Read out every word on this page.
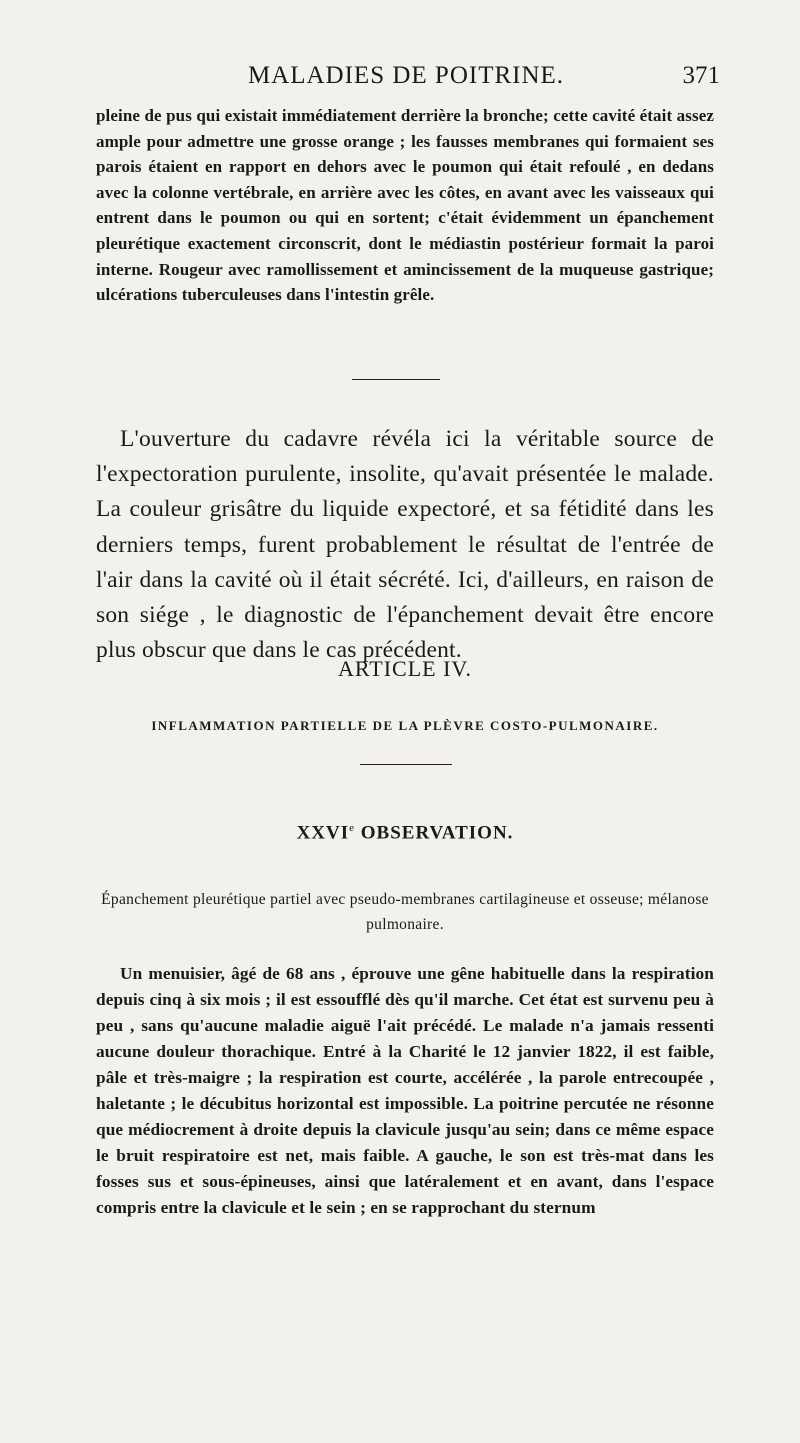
MALADIES DE POITRINE.	371

pleine de pus qui existait immédiatement derrière la bronche; cette cavité était assez ample pour admettre une grosse orange ; les fausses membranes qui formaient ses parois étaient en rapport en dehors avec le poumon qui était refoulé , en dedans avec la colonne vertébrale, en arrière avec les côtes, en avant avec les vaisseaux qui entrent dans le poumon ou qui en sortent; c'était évidemment un épanchement pleurétique exactement circonscrit, dont le médiastin postérieur formait la paroi interne. Rougeur avec ramollissement et amincissement de la muqueuse gastrique; ulcérations tuberculeuses dans l'intestin grêle.

L'ouverture du cadavre révéla ici la véritable source de l'expectoration purulente, insolite, qu'avait présentée le malade. La couleur grisâtre du liquide expectoré, et sa fétidité dans les derniers temps, furent probablement le résultat de l'entrée de l'air dans la cavité où il était sécrété. Ici, d'ailleurs, en raison de son siége , le diagnostic de l'épanchement devait être encore plus obscur que dans le cas précédent.

ARTICLE IV.
INFLAMMATION PARTIELLE DE LA PLÈVRE COSTO-PULMONAIRE.
XXVIe OBSERVATION.

Épanchement pleurétique partiel avec pseudo-membranes cartilagineuse et osseuse; mélanose pulmonaire.

Un menuisier, âgé de 68 ans , éprouve une gêne habituelle dans la respiration depuis cinq à six mois ; il est essoufflé dès qu'il marche. Cet état est survenu peu à peu , sans qu'aucune maladie aiguë l'ait précédé. Le malade n'a jamais ressenti aucune douleur thorachique. Entré à la Charité le 12 janvier 1822, il est faible, pâle et très-maigre ; la respiration est courte, accélérée , la parole entrecoupée , haletante ; le décubitus horizontal est impossible. La poitrine percutée ne résonne que médiocrement à droite depuis la clavicule jusqu'au sein; dans ce même espace le bruit respiratoire est net, mais faible. A gauche, le son est très-mat dans les fosses sus et sous-épineuses, ainsi que latéralement et en avant, dans l'espace compris entre la clavicule et le sein ; en se rapprochant du sternum
